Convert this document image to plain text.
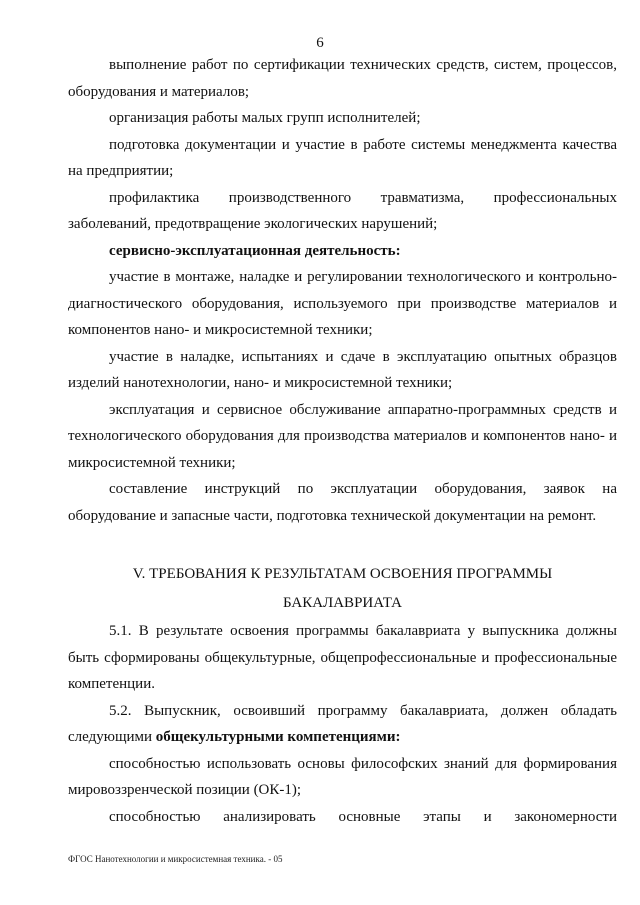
6

выполнение работ по сертификации технических средств, систем, процессов, оборудования и материалов;

организация работы малых групп исполнителей;

подготовка документации и участие в работе системы менеджмента качества на предприятии;

профилактика производственного травматизма, профессиональных заболеваний, предотвращение экологических нарушений;

сервисно-эксплуатационная деятельность:

участие в монтаже, наладке и регулировании технологического и контрольно-диагностического оборудования, используемого при производстве материалов и компонентов нано- и микросистемной техники;

участие в наладке, испытаниях и сдаче в эксплуатацию опытных образцов изделий нанотехнологии, нано- и микросистемной техники;

эксплуатация и сервисное обслуживание аппаратно-программных средств и технологического оборудования для производства материалов и компонентов нано- и микросистемной техники;

составление инструкций по эксплуатации оборудования, заявок на оборудование и запасные части, подготовка технической документации на ремонт.

V. ТРЕБОВАНИЯ К РЕЗУЛЬТАТАМ ОСВОЕНИЯ ПРОГРАММЫ

БАКАЛАВРИАТА

5.1. В результате освоения программы бакалавриата у выпускника должны быть сформированы общекультурные, общепрофессиональные и профессиональные компетенции.

5.2. Выпускник, освоивший программу бакалавриата, должен обладать следующими общекультурными компетенциями:

способностью использовать основы философских знаний для формирования мировоззренческой позиции (ОК-1);

способностью анализировать основные этапы и закономерности

ФГОС Нанотехнологии и микросистемная техника. - 05
